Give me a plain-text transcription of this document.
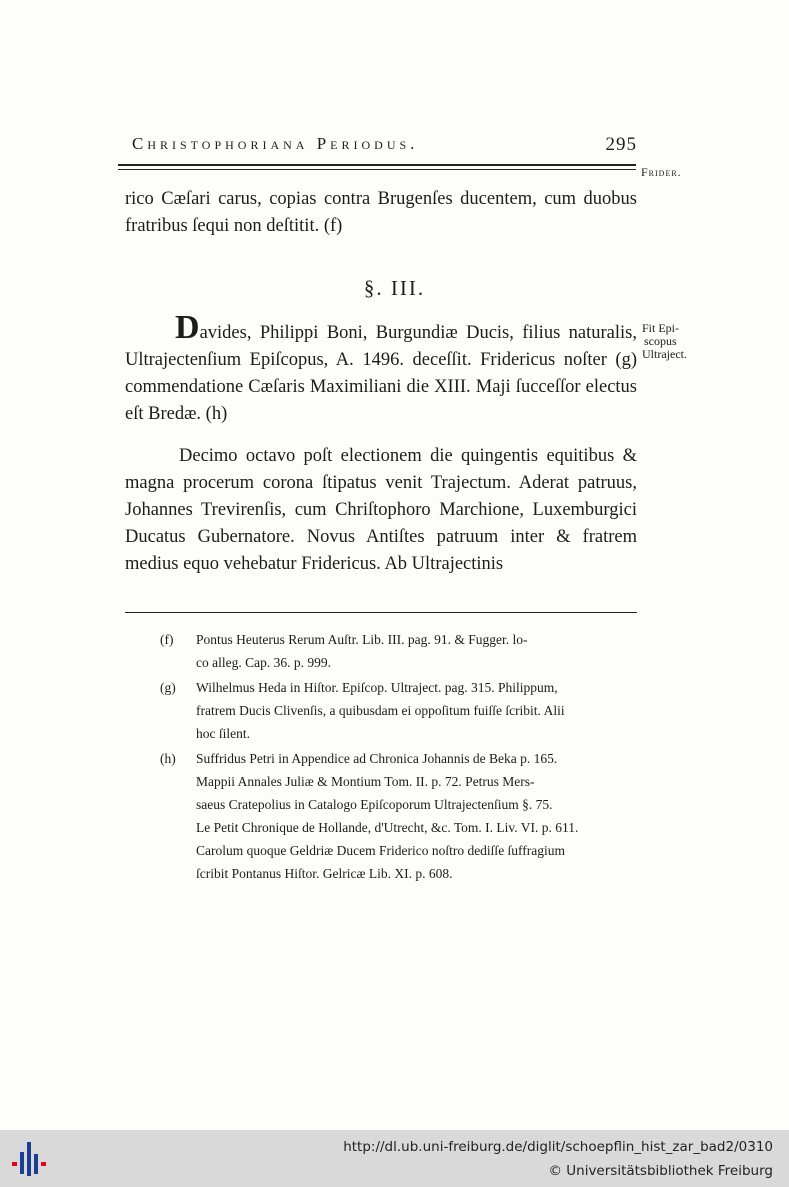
Christophoriana Periodus.	295
Frider.

rico Cæſari carus, copias contra Brugenſes ducentem, cum duobus fratribus ſequi non deſtitit. (f)

§. III.
Fit Epi-
scopus
Ultraject.

Davides, Philippi Boni, Burgundiæ Ducis, filius naturalis, Ultrajectenſium Epiſcopus, A. 1496. deceſſit. Fridericus noſter (g) commendatione Cæſaris Maximiliani die XIII. Maji ſucceſſor electus eſt Bredæ. (h)

Decimo octavo poſt electionem die quingentis equitibus & magna procerum corona ſtipatus venit Trajectum. Aderat patruus, Johannes Trevirenſis, cum Chriſtophoro Marchione, Luxemburgici Ducatus Gubernatore. Novus Antiſtes patruum inter & fratrem medius equo vehebatur Fridericus. Ab Ultrajectinis

(f) Pontus Heuterus Rerum Auſtr. Lib. III. pag. 91. & Fugger. lo-
co alleg. Cap. 36. p. 999.
(g) Wilhelmus Heda in Hiſtor. Epiſcop. Ultraject. pag. 315. Philippum,
fratrem Ducis Clivenſis, a quibusdam ei oppoſitum fuiſſe ſcribit. Alii
hoc ſilent.
(h) Suffridus Petri in Appendice ad Chronica Johannis de Beka p. 165.
Mappii Annales Juliæ & Montium Tom. II. p. 72. Petrus Mers-
saeus Cratepolius in Catalogo Epiſcoporum Ultrajectenſium §. 75.
Le Petit Chronique de Hollande, d'Utrecht, &c. Tom. I. Liv. VI. p. 611.
Carolum quoque Geldriæ Ducem Friderico noſtro dediſſe ſuffragium
ſcribit Pontanus Hiſtor. Gelricæ Lib. XI. p. 608.
http://dl.ub.uni-freiburg.de/diglit/schoepflin_hist_zar_bad2/0310
© Universitätsbibliothek Freiburg
